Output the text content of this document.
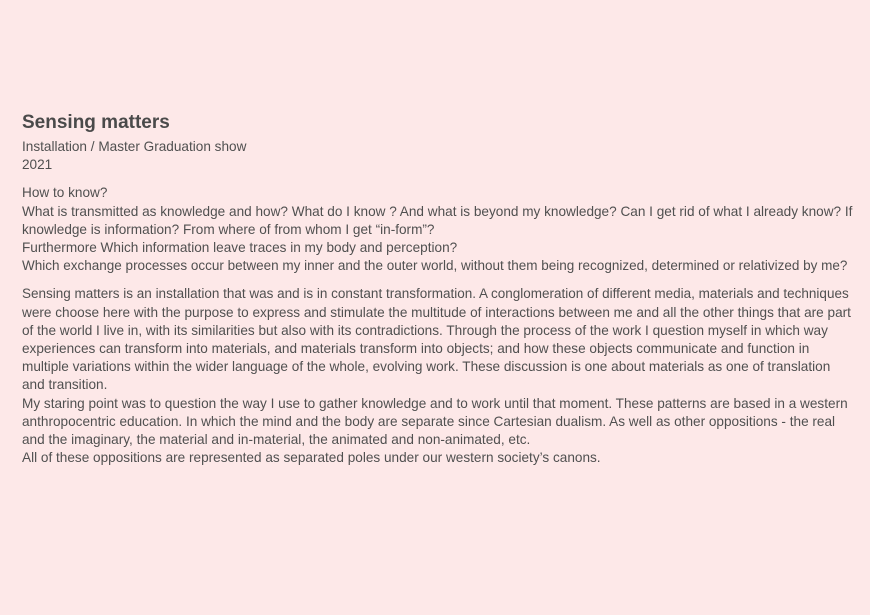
Sensing matters

Installation / Master Graduation show

2021

How to know?

What is transmitted as knowledge and how? What do I know ? And what is beyond my knowledge? Can I get rid of what I already know? If

knowledge is information? From where of from whom I get “in-form”?

Furthermore Which information leave traces in my body and perception?

Which exchange processes occur between my inner and the outer world, without them being recognized, determined or relativized by me?

Sensing matters is an installation that was and is in constant transformation. A conglomeration of different media, materials and techniques

were choose here with the purpose to express and stimulate the multitude of interactions between me and all the other things that are part

of the world I live in, with its similarities but also with its contradictions. Through the process of the work I question myself in which way

experiences can transform into materials, and materials transform into objects; and how these objects communicate and function in

multiple variations within the wider language of the whole, evolving work. These discussion is one about materials as one of translation

and transition.

My staring point was to question the way I use to gather knowledge and to work until that moment. These patterns are based in a western

anthropocentric education. In which the mind and the body are separate since Cartesian dualism. As well as other oppositions - the real

and the imaginary, the material and in-material, the animated and non-animated, etc.

All of these oppositions are represented as separated poles under our western society’s canons.
